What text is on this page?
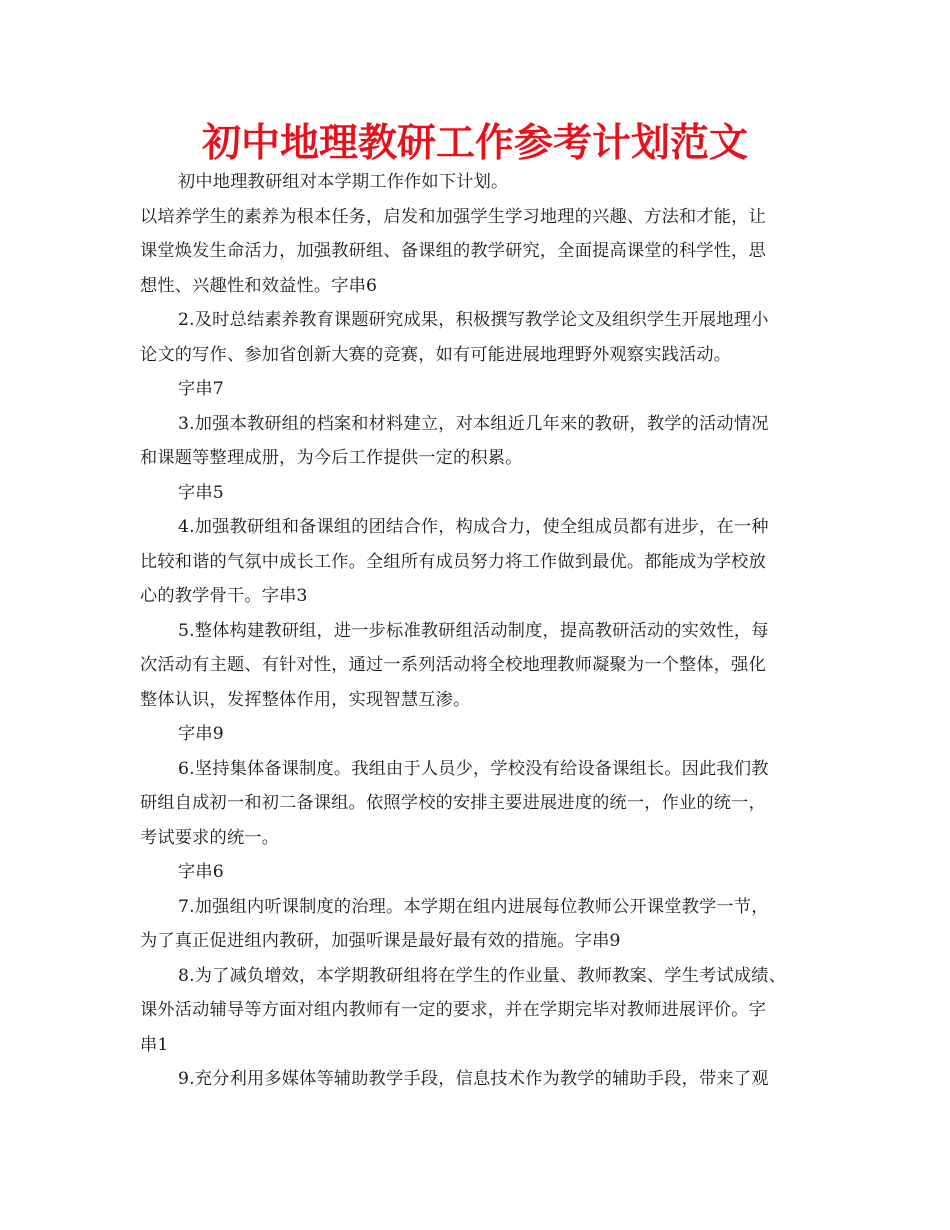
初中地理教研工作参考计划范文
初中地理教研组对本学期工作作如下计划。
以培养学生的素养为根本任务，启发和加强学生学习地理的兴趣、方法和才能，让
课堂焕发生命活力，加强教研组、备课组的教学研究，全面提高课堂的科学性，思
想性、兴趣性和效益性。字串6
2.及时总结素养教育课题研究成果，积极撰写教学论文及组织学生开展地理小
论文的写作、参加省创新大赛的竞赛，如有可能进展地理野外观察实践活动。
字串7
3.加强本教研组的档案和材料建立，对本组近几年来的教研，教学的活动情况
和课题等整理成册，为今后工作提供一定的积累。
字串5
4.加强教研组和备课组的团结合作，构成合力，使全组成员都有进步，在一种
比较和谐的气氛中成长工作。全组所有成员努力将工作做到最优。都能成为学校放
心的教学骨干。字串3
5.整体构建教研组，进一步标准教研组活动制度，提高教研活动的实效性，每
次活动有主题、有针对性，通过一系列活动将全校地理教师凝聚为一个整体，强化
整体认识，发挥整体作用，实现智慧互渗。
字串9
6.坚持集体备课制度。我组由于人员少，学校没有给设备课组长。因此我们教
研组自成初一和初二备课组。依照学校的安排主要进展进度的统一，作业的统一，
考试要求的统一。
字串6
7.加强组内听课制度的治理。本学期在组内进展每位教师公开课堂教学一节，
为了真正促进组内教研，加强听课是最好最有效的措施。字串9
8.为了减负增效，本学期教研组将在学生的作业量、教师教案、学生考试成绩、
课外活动辅导等方面对组内教师有一定的要求，并在学期完毕对教师进展评价。字
串1
9.充分利用多媒体等辅助教学手段，信息技术作为教学的辅助手段，带来了观
